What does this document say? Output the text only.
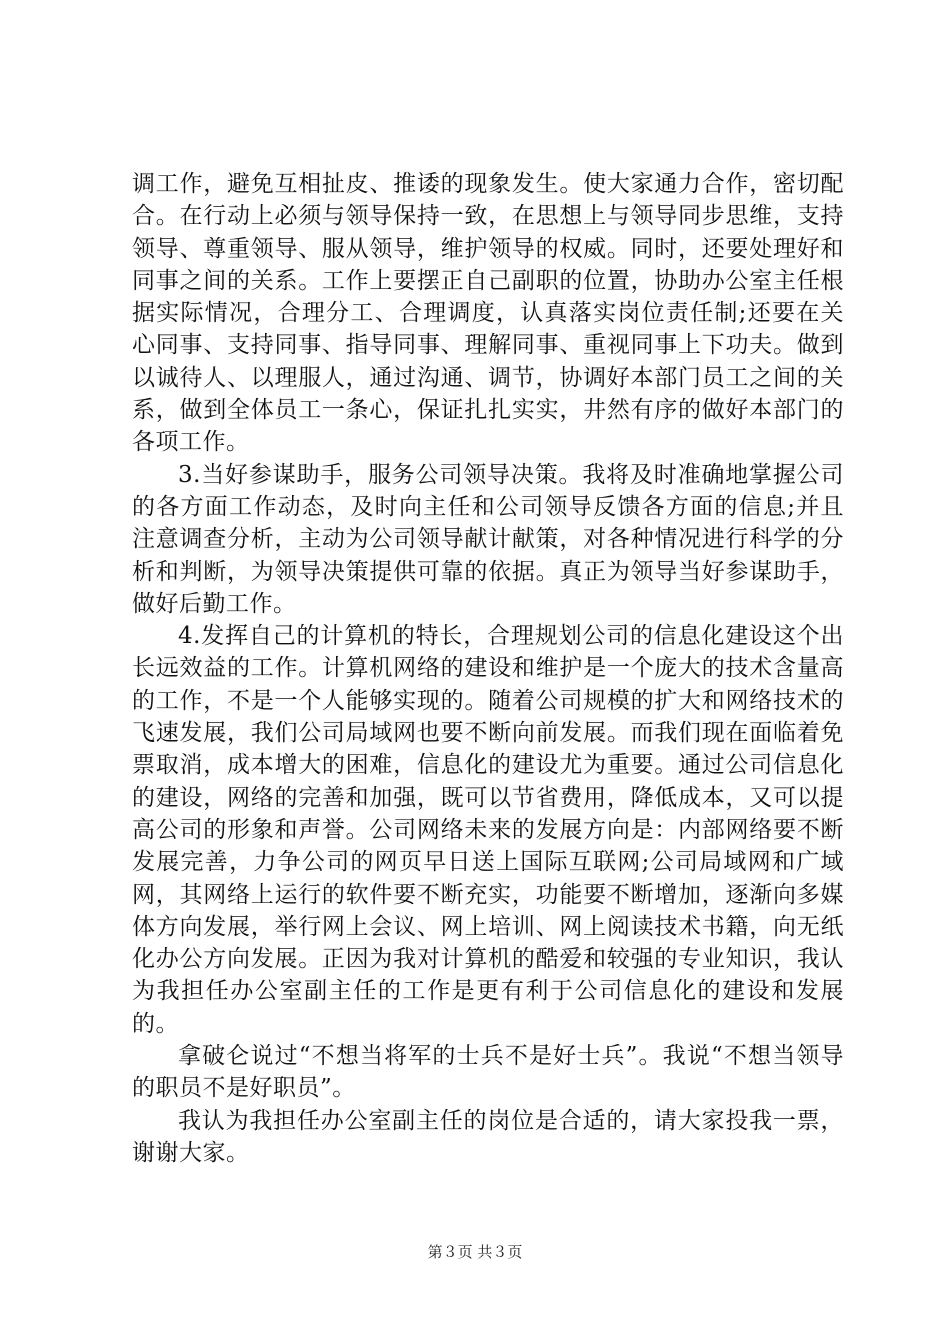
调工作，避免互相扯皮、推诿的现象发生。使大家通力合作，密切配合。在行动上必须与领导保持一致，在思想上与领导同步思维，支持领导、尊重领导、服从领导，维护领导的权威。同时，还要处理好和同事之间的关系。工作上要摆正自己副职的位置，协助办公室主任根据实际情况，合理分工、合理调度，认真落实岗位责任制;还要在关心同事、支持同事、指导同事、理解同事、重视同事上下功夫。做到以诚待人、以理服人，通过沟通、调节，协调好本部门员工之间的关系，做到全体员工一条心，保证扎扎实实，井然有序的做好本部门的各项工作。

3.当好参谋助手，服务公司领导决策。我将及时准确地掌握公司的各方面工作动态，及时向主任和公司领导反馈各方面的信息;并且注意调查分析，主动为公司领导献计献策，对各种情况进行科学的分析和判断，为领导决策提供可靠的依据。真正为领导当好参谋助手，做好后勤工作。

4.发挥自己的计算机的特长，合理规划公司的信息化建设这个出长远效益的工作。计算机网络的建设和维护是一个庞大的技术含量高的工作，不是一个人能够实现的。随着公司规模的扩大和网络技术的飞速发展，我们公司局域网也要不断向前发展。而我们现在面临着免票取消，成本增大的困难，信息化的建设尤为重要。通过公司信息化的建设，网络的完善和加强，既可以节省费用，降低成本，又可以提高公司的形象和声誉。公司网络未来的发展方向是：内部网络要不断发展完善，力争公司的网页早日送上国际互联网;公司局域网和广域网，其网络上运行的软件要不断充实，功能要不断增加，逐渐向多媒体方向发展，举行网上会议、网上培训、网上阅读技术书籍，向无纸化办公方向发展。正因为我对计算机的酷爱和较强的专业知识，我认为我担任办公室副主任的工作是更有利于公司信息化的建设和发展的。

拿破仑说过“不想当将军的士兵不是好士兵”。我说“不想当领导的职员不是好职员”。

我认为我担任办公室副主任的岗位是合适的，请大家投我一票，谢谢大家。

第３页 共３页
